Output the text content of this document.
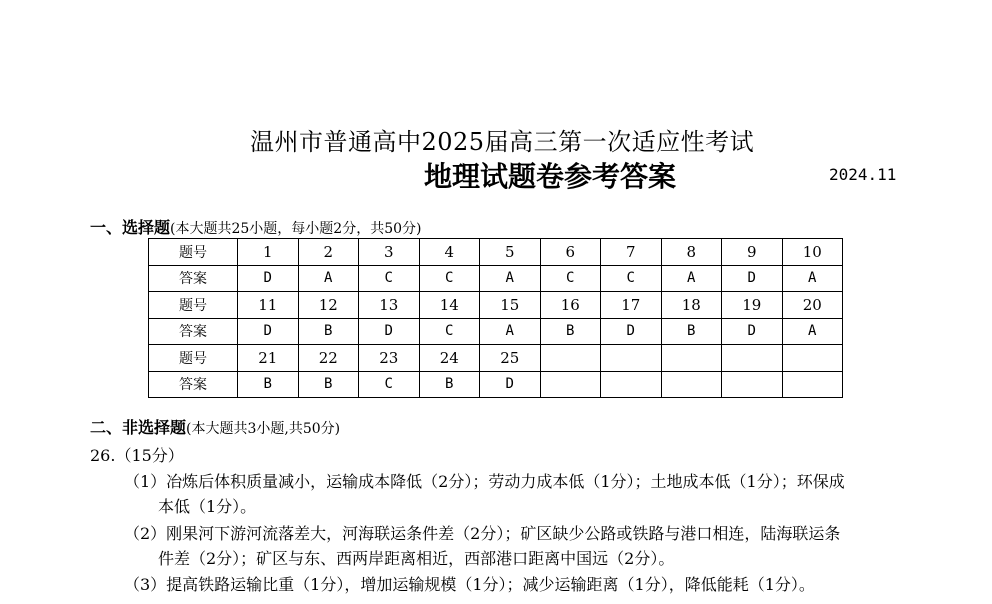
温州市普通高中2025届高三第一次适应性考试
地理试题卷参考答案	2024.11
一、选择题(本大题共25小题，每小题2分，共50分)
题号	1	2	3	4	5	6	7	8	9	10
答案	D	A	C	C	A	C	C	A	D	A
题号	11	12	13	14	15	16	17	18	19	20
答案	D	B	D	C	A	B	D	B	D	A
题号	21	22	23	24	25					
答案	B	B	C	B	D					
二、非选择题(本大题共3小题,共50分)
26.（15分）
（1）冶炼后体积质量减小，运输成本降低（2分）；劳动力成本低（1分）；土地成本低（1分）；环保成
本低（1分）。
（2）刚果河下游河流落差大，河海联运条件差（2分）；矿区缺少公路或铁路与港口相连，陆海联运条
件差（2分）；矿区与东、西两岸距离相近，西部港口距离中国远（2分）。
（3）提高铁路运输比重（1分），增加运输规模（1分）；减少运输距离（1分），降低能耗（1分）。
